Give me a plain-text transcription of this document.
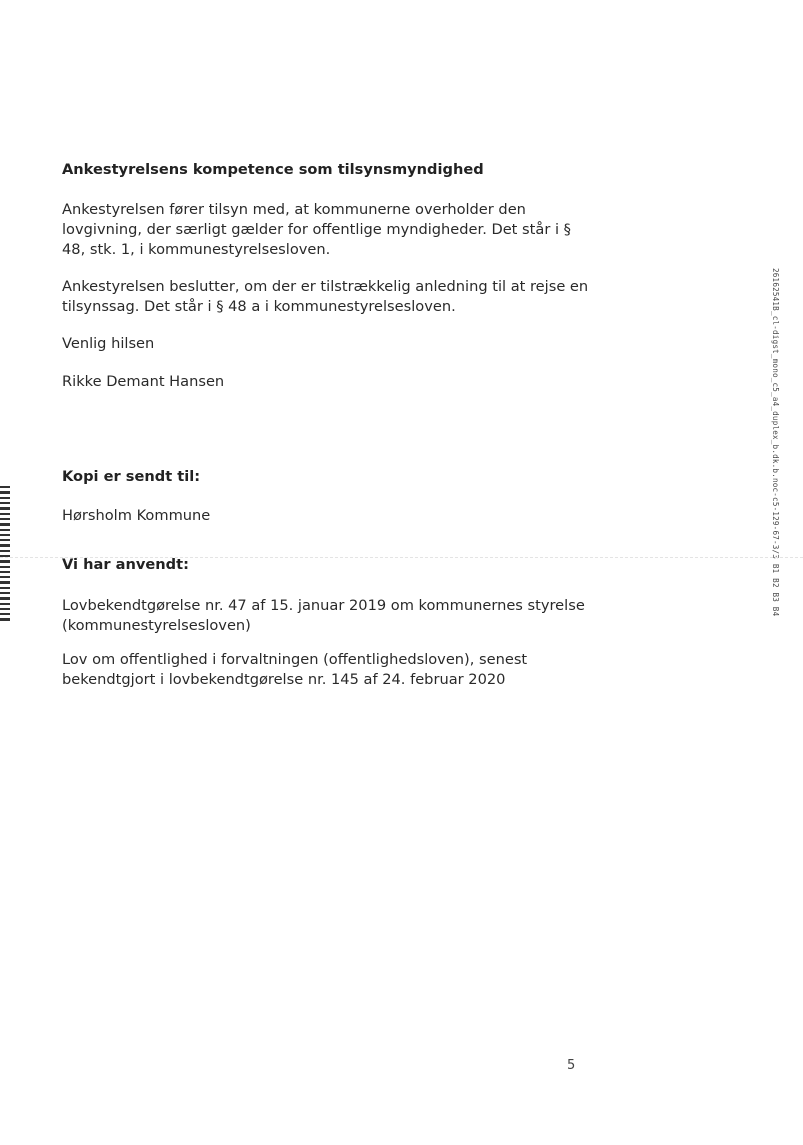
Ankestyrelsens kompetence som tilsynsmyndighed

Ankestyrelsen fører tilsyn med, at kommunerne overholder den
lovgivning, der særligt gælder for offentlige myndigheder. Det står i §
48, stk. 1, i kommunestyrelsesloven.

Ankestyrelsen beslutter, om der er tilstrækkelig anledning til at rejse en
tilsynssag. Det står i § 48 a i kommunestyrelsesloven.

Venlig hilsen

Rikke Demant Hansen

Kopi er sendt til:

Hørsholm Kommune

Vi har anvendt:

Lovbekendtgørelse nr. 47 af 15. januar 2019 om kommunernes styrelse
(kommunestyrelsesloven)

Lov om offentlighed i forvaltningen (offentlighedsloven), senest
bekendtgjort i lovbekendtgørelse nr. 145 af 24. februar 2020

5
26162541B_cl-digst_mono_c5_a4_duplex_b.dk.b.noc-c5-129-67-3/3 B1 B2 B3 B4
